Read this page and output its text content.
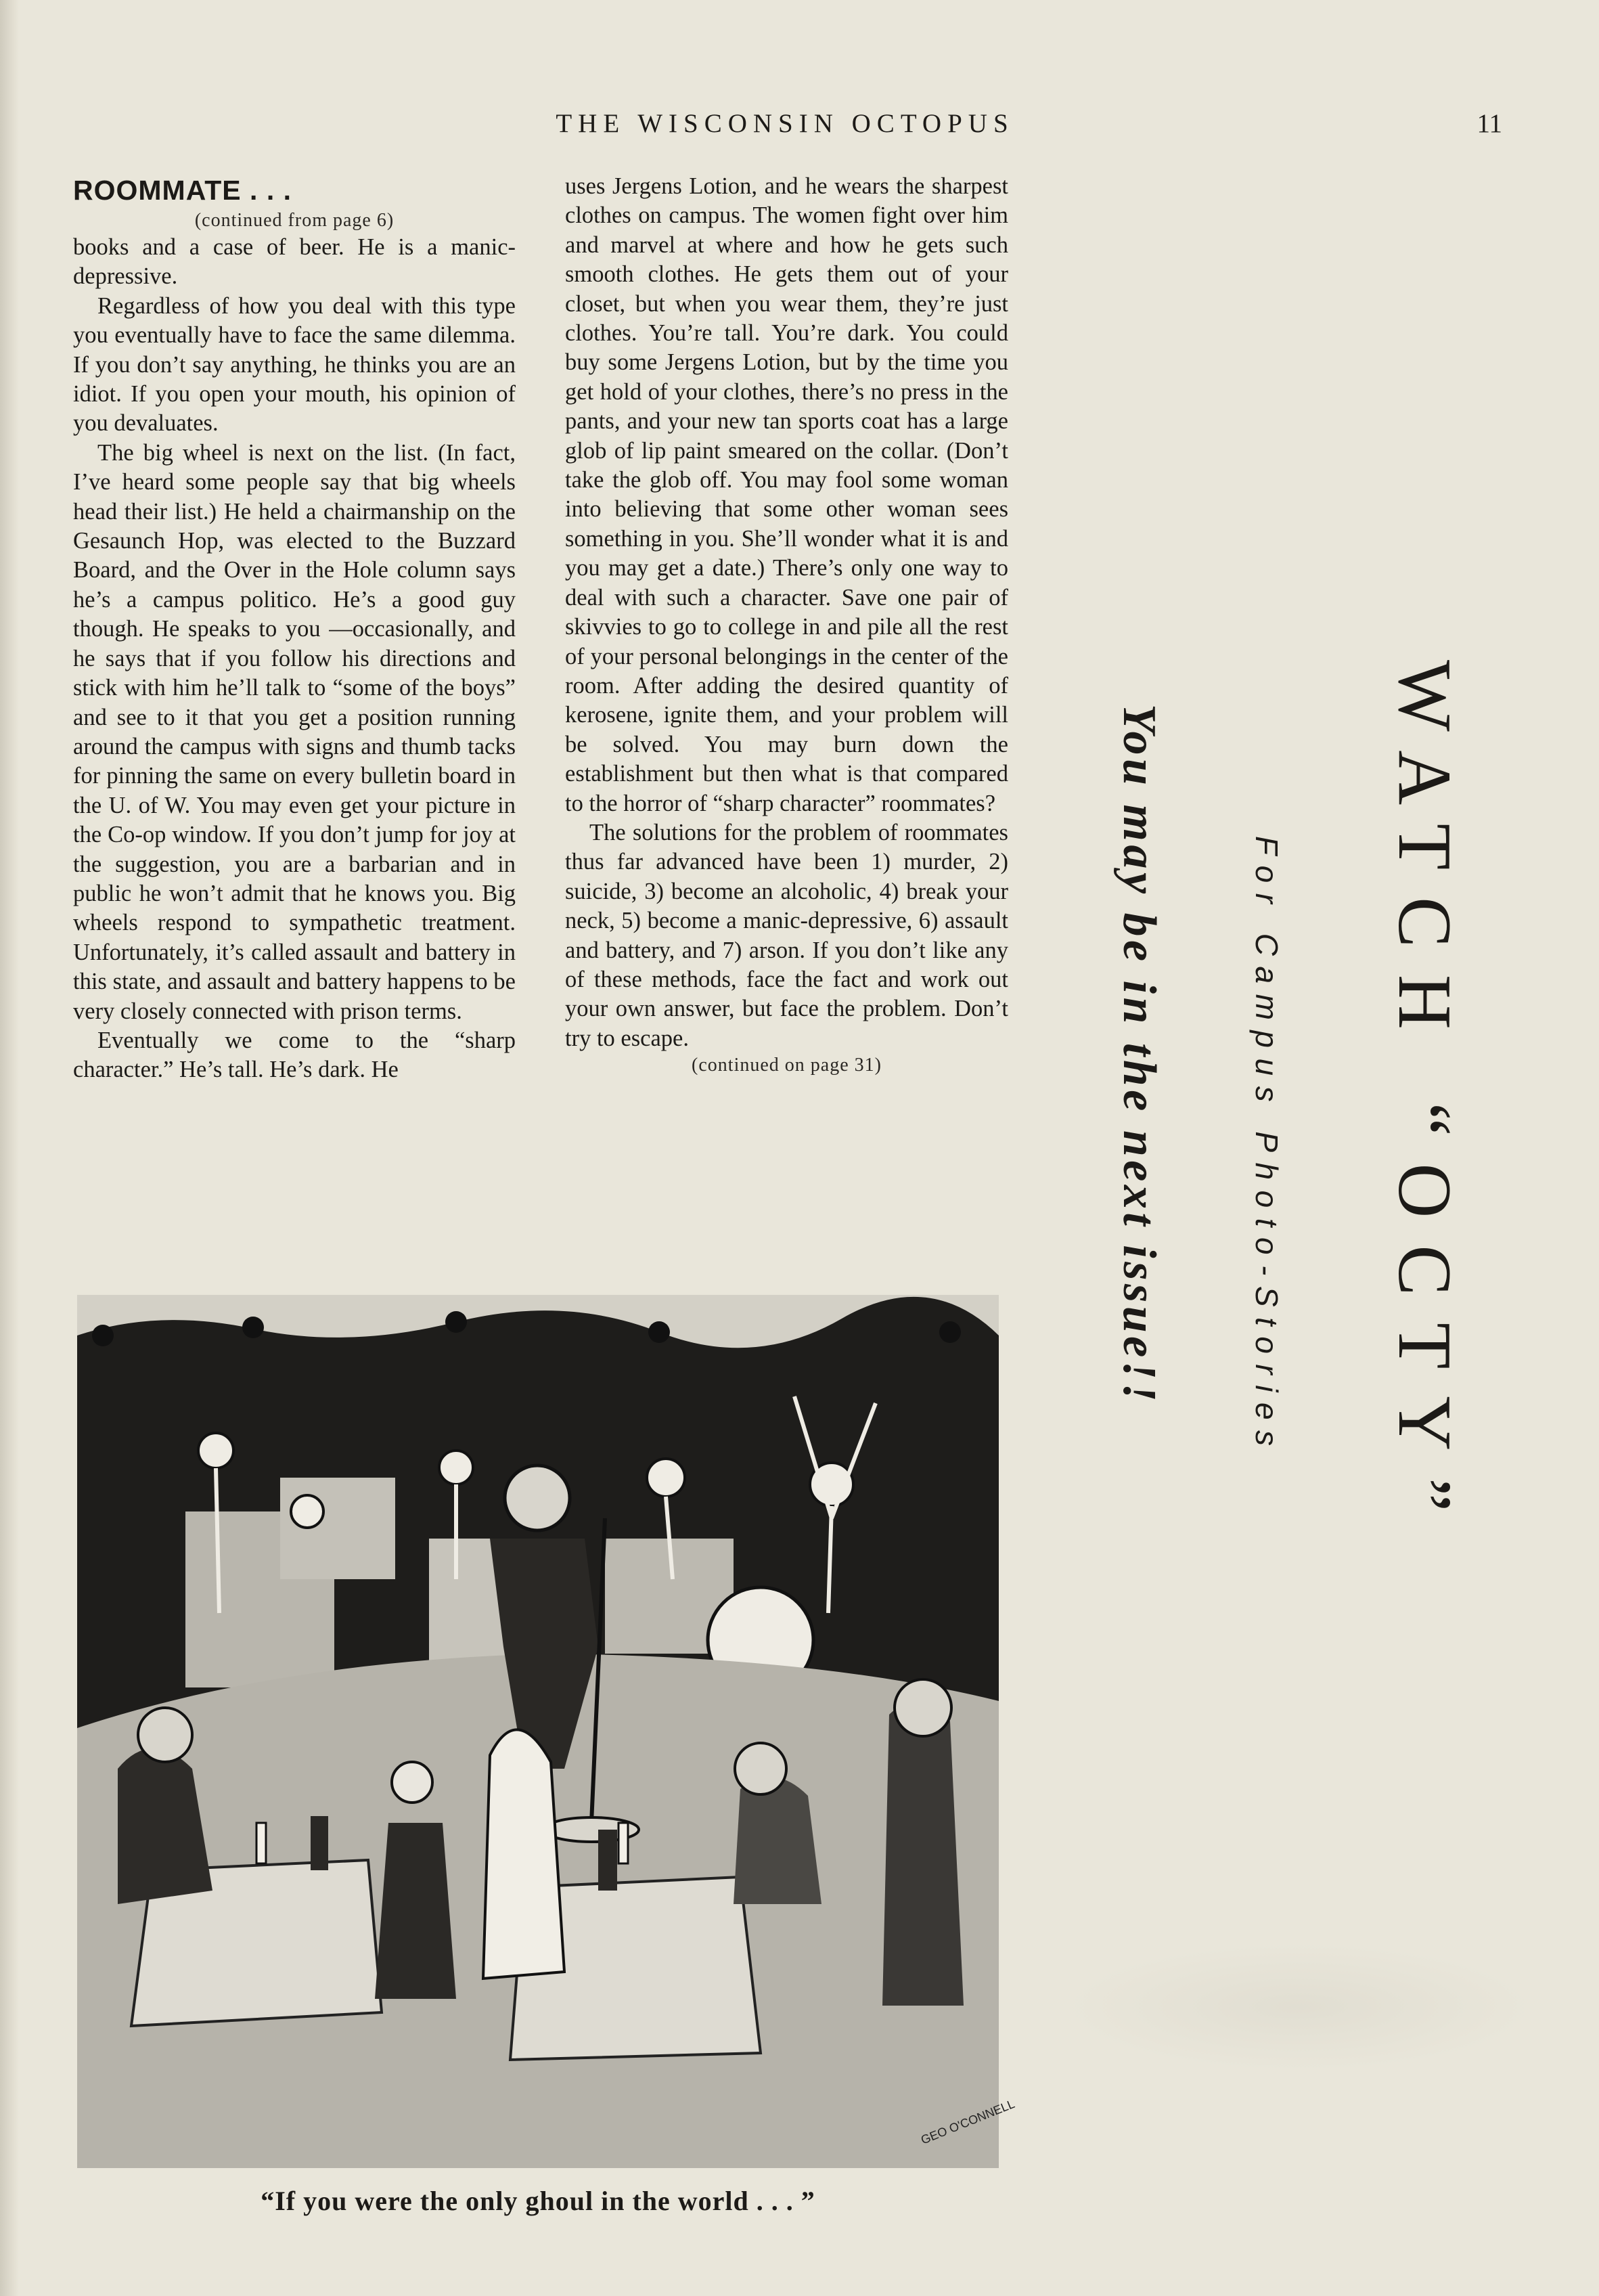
THE WISCONSIN OCTOPUS	11
ROOMMATE . . .

(continued from page 6)

books and a case of beer. He is a manic-depressive.

Regardless of how you deal with this type you eventually have to face the same dilemma. If you don’t say anything, he thinks you are an idiot. If you open your mouth, his opinion of you devaluates.

The big wheel is next on the list. (In fact, I’ve heard some people say that big wheels head their list.) He held a chairmanship on the Gesaunch Hop, was elected to the Buzzard Board, and the Over in the Hole column says he’s a campus politico. He’s a good guy though. He speaks to you —occasionally, and he says that if you follow his directions and stick with him he’ll talk to “some of the boys” and see to it that you get a position running around the campus with signs and thumb tacks for pinning the same on every bulletin board in the U. of W. You may even get your picture in the Co-op window. If you don’t jump for joy at the suggestion, you are a barbarian and in public he won’t admit that he knows you. Big wheels respond to sympathetic treatment. Unfortunately, it’s called assault and battery in this state, and assault and battery happens to be very closely connected with prison terms.

Eventually we come to the “sharp character.” He’s tall. He’s dark. He

uses Jergens Lotion, and he wears the sharpest clothes on campus. The women fight over him and marvel at where and how he gets such smooth clothes. He gets them out of your closet, but when you wear them, they’re just clothes. You’re tall. You’re dark. You could buy some Jergens Lotion, but by the time you get hold of your clothes, there’s no press in the pants, and your new tan sports coat has a large glob of lip paint smeared on the collar. (Don’t take the glob off. You may fool some woman into believing that some other woman sees something in you. She’ll wonder what it is and you may get a date.) There’s only one way to deal with such a character. Save one pair of skivvies to go to college in and pile all the rest of your personal belongings in the center of the room. After adding the desired quantity of kerosene, ignite them, and your problem will be solved. You may burn down the establishment but then what is that compared to the horror of “sharp character” roommates?

The solutions for the problem of roommates thus far advanced have been 1) murder, 2) suicide, 3) become an alcoholic, 4) break your neck, 5) become a manic-depressive, 6) assault and battery, and 7) arson. If you don’t like any of these methods, face the fact and work out your own answer, but face the problem. Don’t try to escape.

(continued on page 31)

GEO O'CONNELL
“If you were the only ghoul in the world . . . ”
WATCH “OCTY”
For Campus Photo-Stories
You may be in the next issue!!
